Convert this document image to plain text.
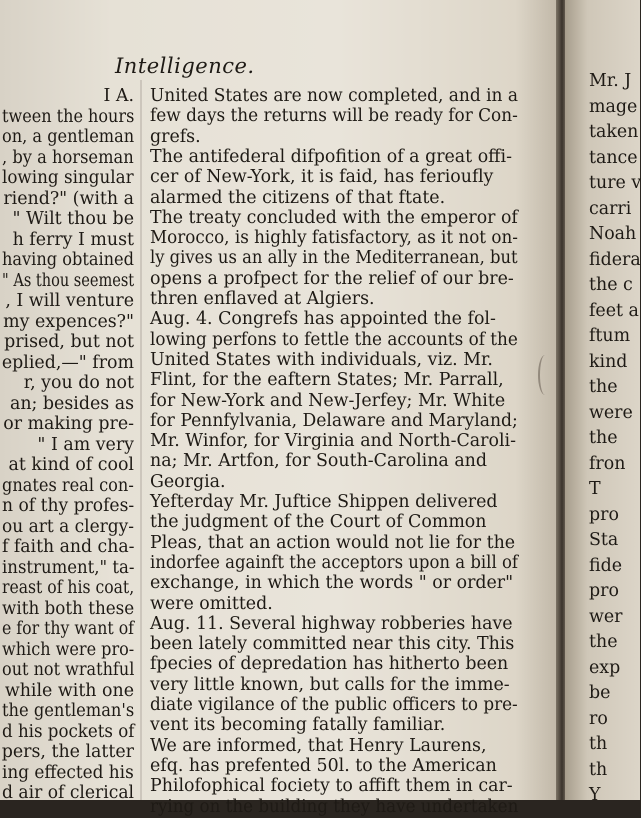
Intelligence.
I A.
tween the hours
on, a gentleman
, by a horseman
lowing singular
riend?" (with a
" Wilt thou be
h ferry I must
having obtained
" As thou seemest
, I will venture
my expences?"
prised, but not
eplied,—" from
r, you do not
an; besides as
or making pre-
" I am very
at kind of cool
gnates real con-
n of thy profes-
ou art a clergy-
f faith and cha-
instrument," ta-
reast of his coat,
with both these
e for thy want of
which were pro-
out not wrathful
while with one
the gentleman's
d his pockets of
pers, the latter
ing effected his
d air of clerical
United States are now completed, and in a
few days the returns will be ready for Con-
grefs.
The antifederal difpofition of a great offi-
cer of New-York, it is faid, has ferioufly
alarmed the citizens of that ftate.
The treaty concluded with the emperor of
Morocco, is highly fatisfactory, as it not on-
ly gives us an ally in the Mediterranean, but
opens a profpect for the relief of our bre-
thren enflaved at Algiers.
Aug. 4. Congrefs has appointed the fol-
lowing perfons to fettle the accounts of the
United States with individuals, viz. Mr.
Flint, for the eaftern States; Mr. Parrall,
for New-York and New-Jerfey; Mr. White
for Pennfylvania, Delaware and Maryland;
Mr. Winfor, for Virginia and North-Caroli-
na; Mr. Artfon, for South-Carolina and
Georgia.
Yefterday Mr. Juftice Shippen delivered
the judgment of the Court of Common
Pleas, that an action would not lie for the
indorfee againft the acceptors upon a bill of
exchange, in which the words " or order"
were omitted.
Aug. 11. Several highway robberies have
been lately committed near this city. This
fpecies of depredation has hitherto been
very little known, but calls for the imme-
diate vigilance of the public officers to pre-
vent its becoming fatally familiar.
We are informed, that Henry Laurens,
efq. has prefented 50l. to the American
Philofophical fociety to affift them in car-
rying on the building they have undertaken
Mr. J
mage
taken
tance
ture v
carri
Noah
fidera
the c
feet a
ftum
kind
the
were
the
fron
T
pro
Sta
fide
pro
wer
the
exp
be
ro
th
th
Y
